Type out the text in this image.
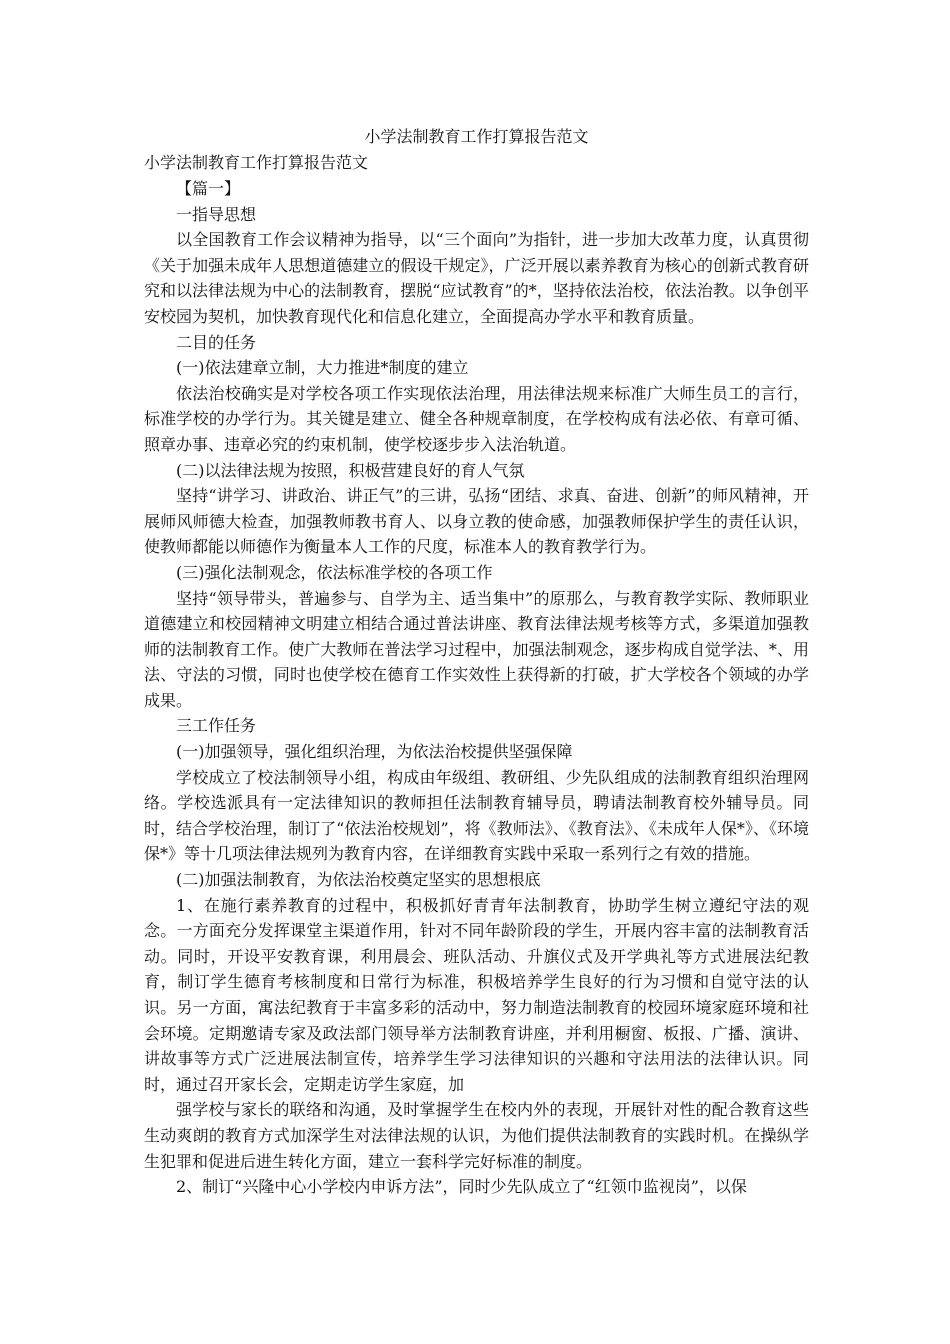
小学法制教育工作打算报告范文

小学法制教育工作打算报告范文

【篇一】

一指导思想

以全国教育工作会议精神为指导，以“三个面向”为指针，进一步加大改革力度，认真贯彻《关于加强未成年人思想道德建立的假设干规定》，广泛开展以素养教育为核心的创新式教育研究和以法律法规为中心的法制教育，摆脱“应试教育”的*，坚持依法治校，依法治教。以争创平安校园为契机，加快教育现代化和信息化建立，全面提高办学水平和教育质量。

二目的任务

(一)依法建章立制，大力推进*制度的建立

依法治校确实是对学校各项工作实现依法治理，用法律法规来标准广大师生员工的言行，标准学校的办学行为。其关键是建立、健全各种规章制度，在学校构成有法必依、有章可循、照章办事、违章必究的约束机制，使学校逐步步入法治轨道。

(二)以法律法规为按照，积极营建良好的育人气氛

坚持“讲学习、讲政治、讲正气”的三讲，弘扬“团结、求真、奋进、创新”的师风精神，开展师风师德大检查，加强教师教书育人、以身立教的使命感，加强教师保护学生的责任认识，使教师都能以师德作为衡量本人工作的尺度，标准本人的教育教学行为。

(三)强化法制观念，依法标准学校的各项工作

坚持“领导带头，普遍参与、自学为主、适当集中”的原那么，与教育教学实际、教师职业道德建立和校园精神文明建立相结合通过普法讲座、教育法律法规考核等方式，多渠道加强教师的法制教育工作。使广大教师在普法学习过程中，加强法制观念，逐步构成自觉学法、*、用法、守法的习惯，同时也使学校在德育工作实效性上获得新的打破，扩大学校各个领域的办学成果。

三工作任务

(一)加强领导，强化组织治理，为依法治校提供坚强保障

学校成立了校法制领导小组，构成由年级组、教研组、少先队组成的法制教育组织治理网络。学校选派具有一定法律知识的教师担任法制教育辅导员，聘请法制教育校外辅导员。同时，结合学校治理，制订了“依法治校规划”，将《教师法》、《教育法》、《未成年人保*》、《环境保*》等十几项法律法规列为教育内容，在详细教育实践中采取一系列行之有效的措施。

(二)加强法制教育，为依法治校奠定坚实的思想根底

1、在施行素养教育的过程中，积极抓好青青年法制教育，协助学生树立遵纪守法的观念。一方面充分发挥课堂主渠道作用，针对不同年龄阶段的学生，开展内容丰富的法制教育活动。同时，开设平安教育课，利用晨会、班队活动、升旗仪式及开学典礼等方式进展法纪教育，制订学生德育考核制度和日常行为标准，积极培养学生良好的行为习惯和自觉守法的认识。另一方面，寓法纪教育于丰富多彩的活动中，努力制造法制教育的校园环境家庭环境和社会环境。定期邀请专家及政法部门领导举方法制教育讲座，并利用橱窗、板报、广播、演讲、讲故事等方式广泛进展法制宣传，培养学生学习法律知识的兴趣和守法用法的法律认识。同时，通过召开家长会，定期走访学生家庭，加

强学校与家长的联络和沟通，及时掌握学生在校内外的表现，开展针对性的配合教育这些生动爽朗的教育方式加深学生对法律法规的认识，为他们提供法制教育的实践时机。在操纵学生犯罪和促进后进生转化方面，建立一套科学完好标准的制度。

2、制订“兴隆中心小学校内申诉方法”，同时少先队成立了“红领巾监视岗”，以保
